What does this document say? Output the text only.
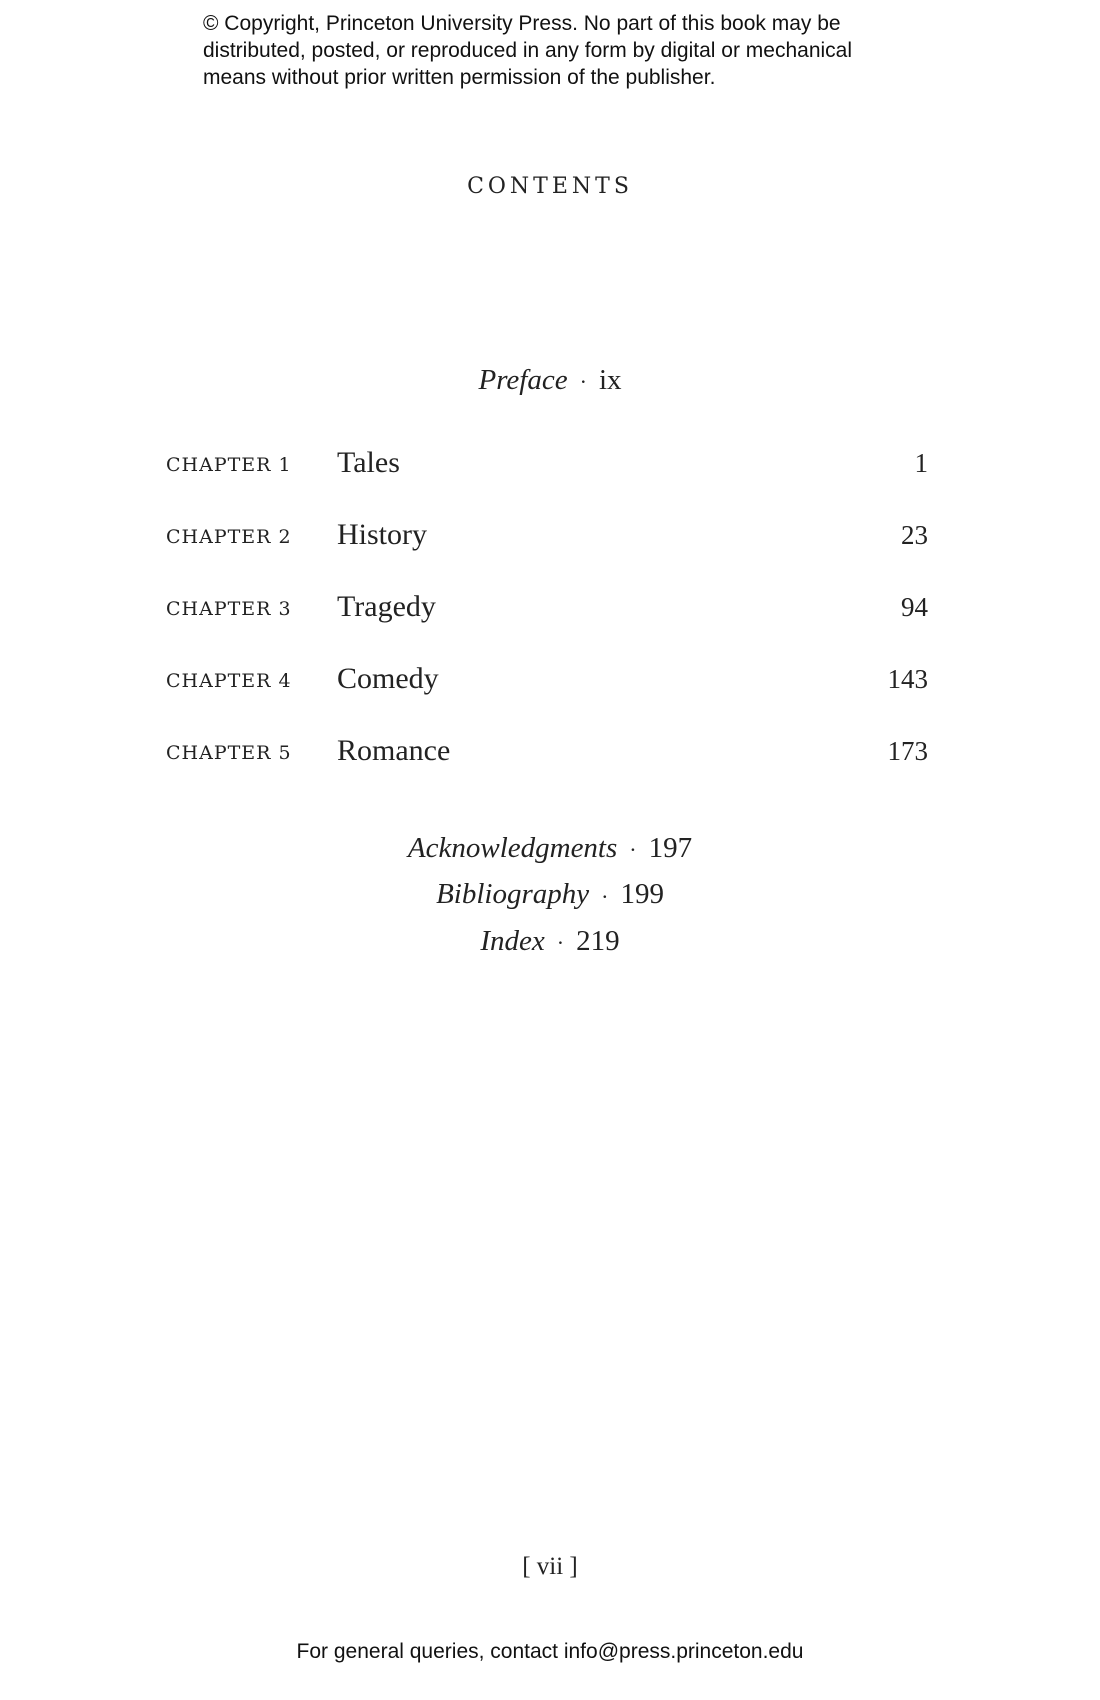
© Copyright, Princeton University Press. No part of this book may be
distributed, posted, or reproduced in any form by digital or mechanical
means without prior written permission of the publisher.
CONTENTS
Preface · ix
CHAPTER 1 Tales	1
CHAPTER 2 History	23
CHAPTER 3 Tragedy	94
CHAPTER 4 Comedy	143
CHAPTER 5 Romance	173
Acknowledgments · 197
Bibliography · 199
Index · 219
[ vii ]
For general queries, contact info@press.princeton.edu
